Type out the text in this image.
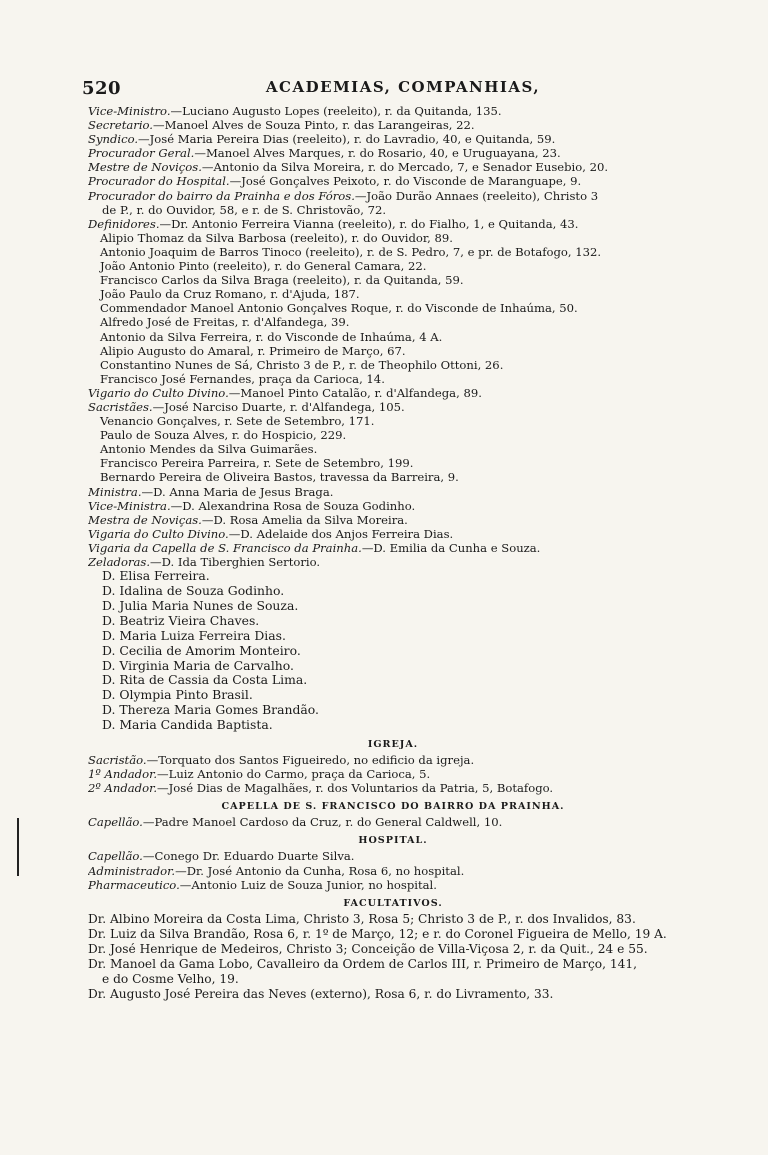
520	ACADEMIAS, COMPANHIAS,
Vice-Ministro.—Luciano Augusto Lopes (reeleito), r. da Quitanda, 135.
Secretario.—Manoel Alves de Souza Pinto, r. das Larangeiras, 22.
Syndico.—José Maria Pereira Dias (reeleito), r. do Lavradio, 40, e Quitanda, 59.
Procurador Geral.—Manoel Alves Marques, r. do Rosario, 40, e Uruguayana, 23.
Mestre de Noviços.—Antonio da Silva Moreira, r. do Mercado, 7, e Senador Eusebio, 20.
Procurador do Hospital.—José Gonçalves Peixoto, r. do Visconde de Maranguape, 9.
Procurador do bairro da Prainha e dos Fóros.—João Durão Annaes (reeleito), Christo 3
de P., r. do Ouvidor, 58, e r. de S. Christovão, 72.
Definidores.—Dr. Antonio Ferreira Vianna (reeleito), r. do Fialho, 1, e Quitanda, 43.
Alipio Thomaz da Silva Barbosa (reeleito), r. do Ouvidor, 89.
Antonio Joaquim de Barros Tinoco (reeleito), r. de S. Pedro, 7, e pr. de Botafogo, 132.
João Antonio Pinto (reeleito), r. do General Camara, 22.
Francisco Carlos da Silva Braga (reeleito), r. da Quitanda, 59.
João Paulo da Cruz Romano, r. d'Ajuda, 187.
Commendador Manoel Antonio Gonçalves Roque, r. do Visconde de Inhaúma, 50.
Alfredo José de Freitas, r. d'Alfandega, 39.
Antonio da Silva Ferreira, r. do Visconde de Inhaúma, 4 A.
Alipio Augusto do Amaral, r. Primeiro de Março, 67.
Constantino Nunes de Sá, Christo 3 de P., r. de Theophilo Ottoni, 26.
Francisco José Fernandes, praça da Carioca, 14.
Vigario do Culto Divino.—Manoel Pinto Catalão, r. d'Alfandega, 89.
Sacristães.—José Narciso Duarte, r. d'Alfandega, 105.
Venancio Gonçalves, r. Sete de Setembro, 171.
Paulo de Souza Alves, r. do Hospicio, 229.
Antonio Mendes da Silva Guimarães.
Francisco Pereira Parreira, r. Sete de Setembro, 199.
Bernardo Pereira de Oliveira Bastos, travessa da Barreira, 9.
Ministra.—D. Anna Maria de Jesus Braga.
Vice-Ministra.—D. Alexandrina Rosa de Souza Godinho.
Mestra de Noviças.—D. Rosa Amelia da Silva Moreira.
Vigaria do Culto Divino.—D. Adelaide dos Anjos Ferreira Dias.
Vigaria da Capella de S. Francisco da Prainha.—D. Emilia da Cunha e Souza.
Zeladoras.—D. Ida Tiberghien Sertorio.
D. Elisa Ferreira.
D. Idalina de Souza Godinho.
D. Julia Maria Nunes de Souza.
D. Beatriz Vieira Chaves.
D. Maria Luiza Ferreira Dias.
D. Cecilia de Amorim Monteiro.
D. Virginia Maria de Carvalho.
D. Rita de Cassia da Costa Lima.
D. Olympia Pinto Brasil.
D. Thereza Maria Gomes Brandão.
D. Maria Candida Baptista.
IGREJA.
Sacristão.—Torquato dos Santos Figueiredo, no edificio da igreja.
1º Andador.—Luiz Antonio do Carmo, praça da Carioca, 5.
2º Andador.—José Dias de Magalhães, r. dos Voluntarios da Patria, 5, Botafogo.
CAPELLA DE S. FRANCISCO DO BAIRRO DA PRAINHA.
Capellão.—Padre Manoel Cardoso da Cruz, r. do General Caldwell, 10.
HOSPITAL.
Capellão.—Conego Dr. Eduardo Duarte Silva.
Administrador.—Dr. José Antonio da Cunha, Rosa 6, no hospital.
Pharmaceutico.—Antonio Luiz de Souza Junior, no hospital.
FACULTATIVOS.
Dr. Albino Moreira da Costa Lima, Christo 3, Rosa 5; Christo 3 de P., r. dos Invalidos, 83.
Dr. Luiz da Silva Brandão, Rosa 6, r. 1º de Março, 12; e r. do Coronel Figueira de Mello, 19 A.
Dr. José Henrique de Medeiros, Christo 3; Conceição de Villa-Viçosa 2, r. da Quit., 24 e 55.
Dr. Manoel da Gama Lobo, Cavalleiro da Ordem de Carlos III, r. Primeiro de Março, 141,
e do Cosme Velho, 19.
Dr. Augusto José Pereira das Neves (externo), Rosa 6, r. do Livramento, 33.
